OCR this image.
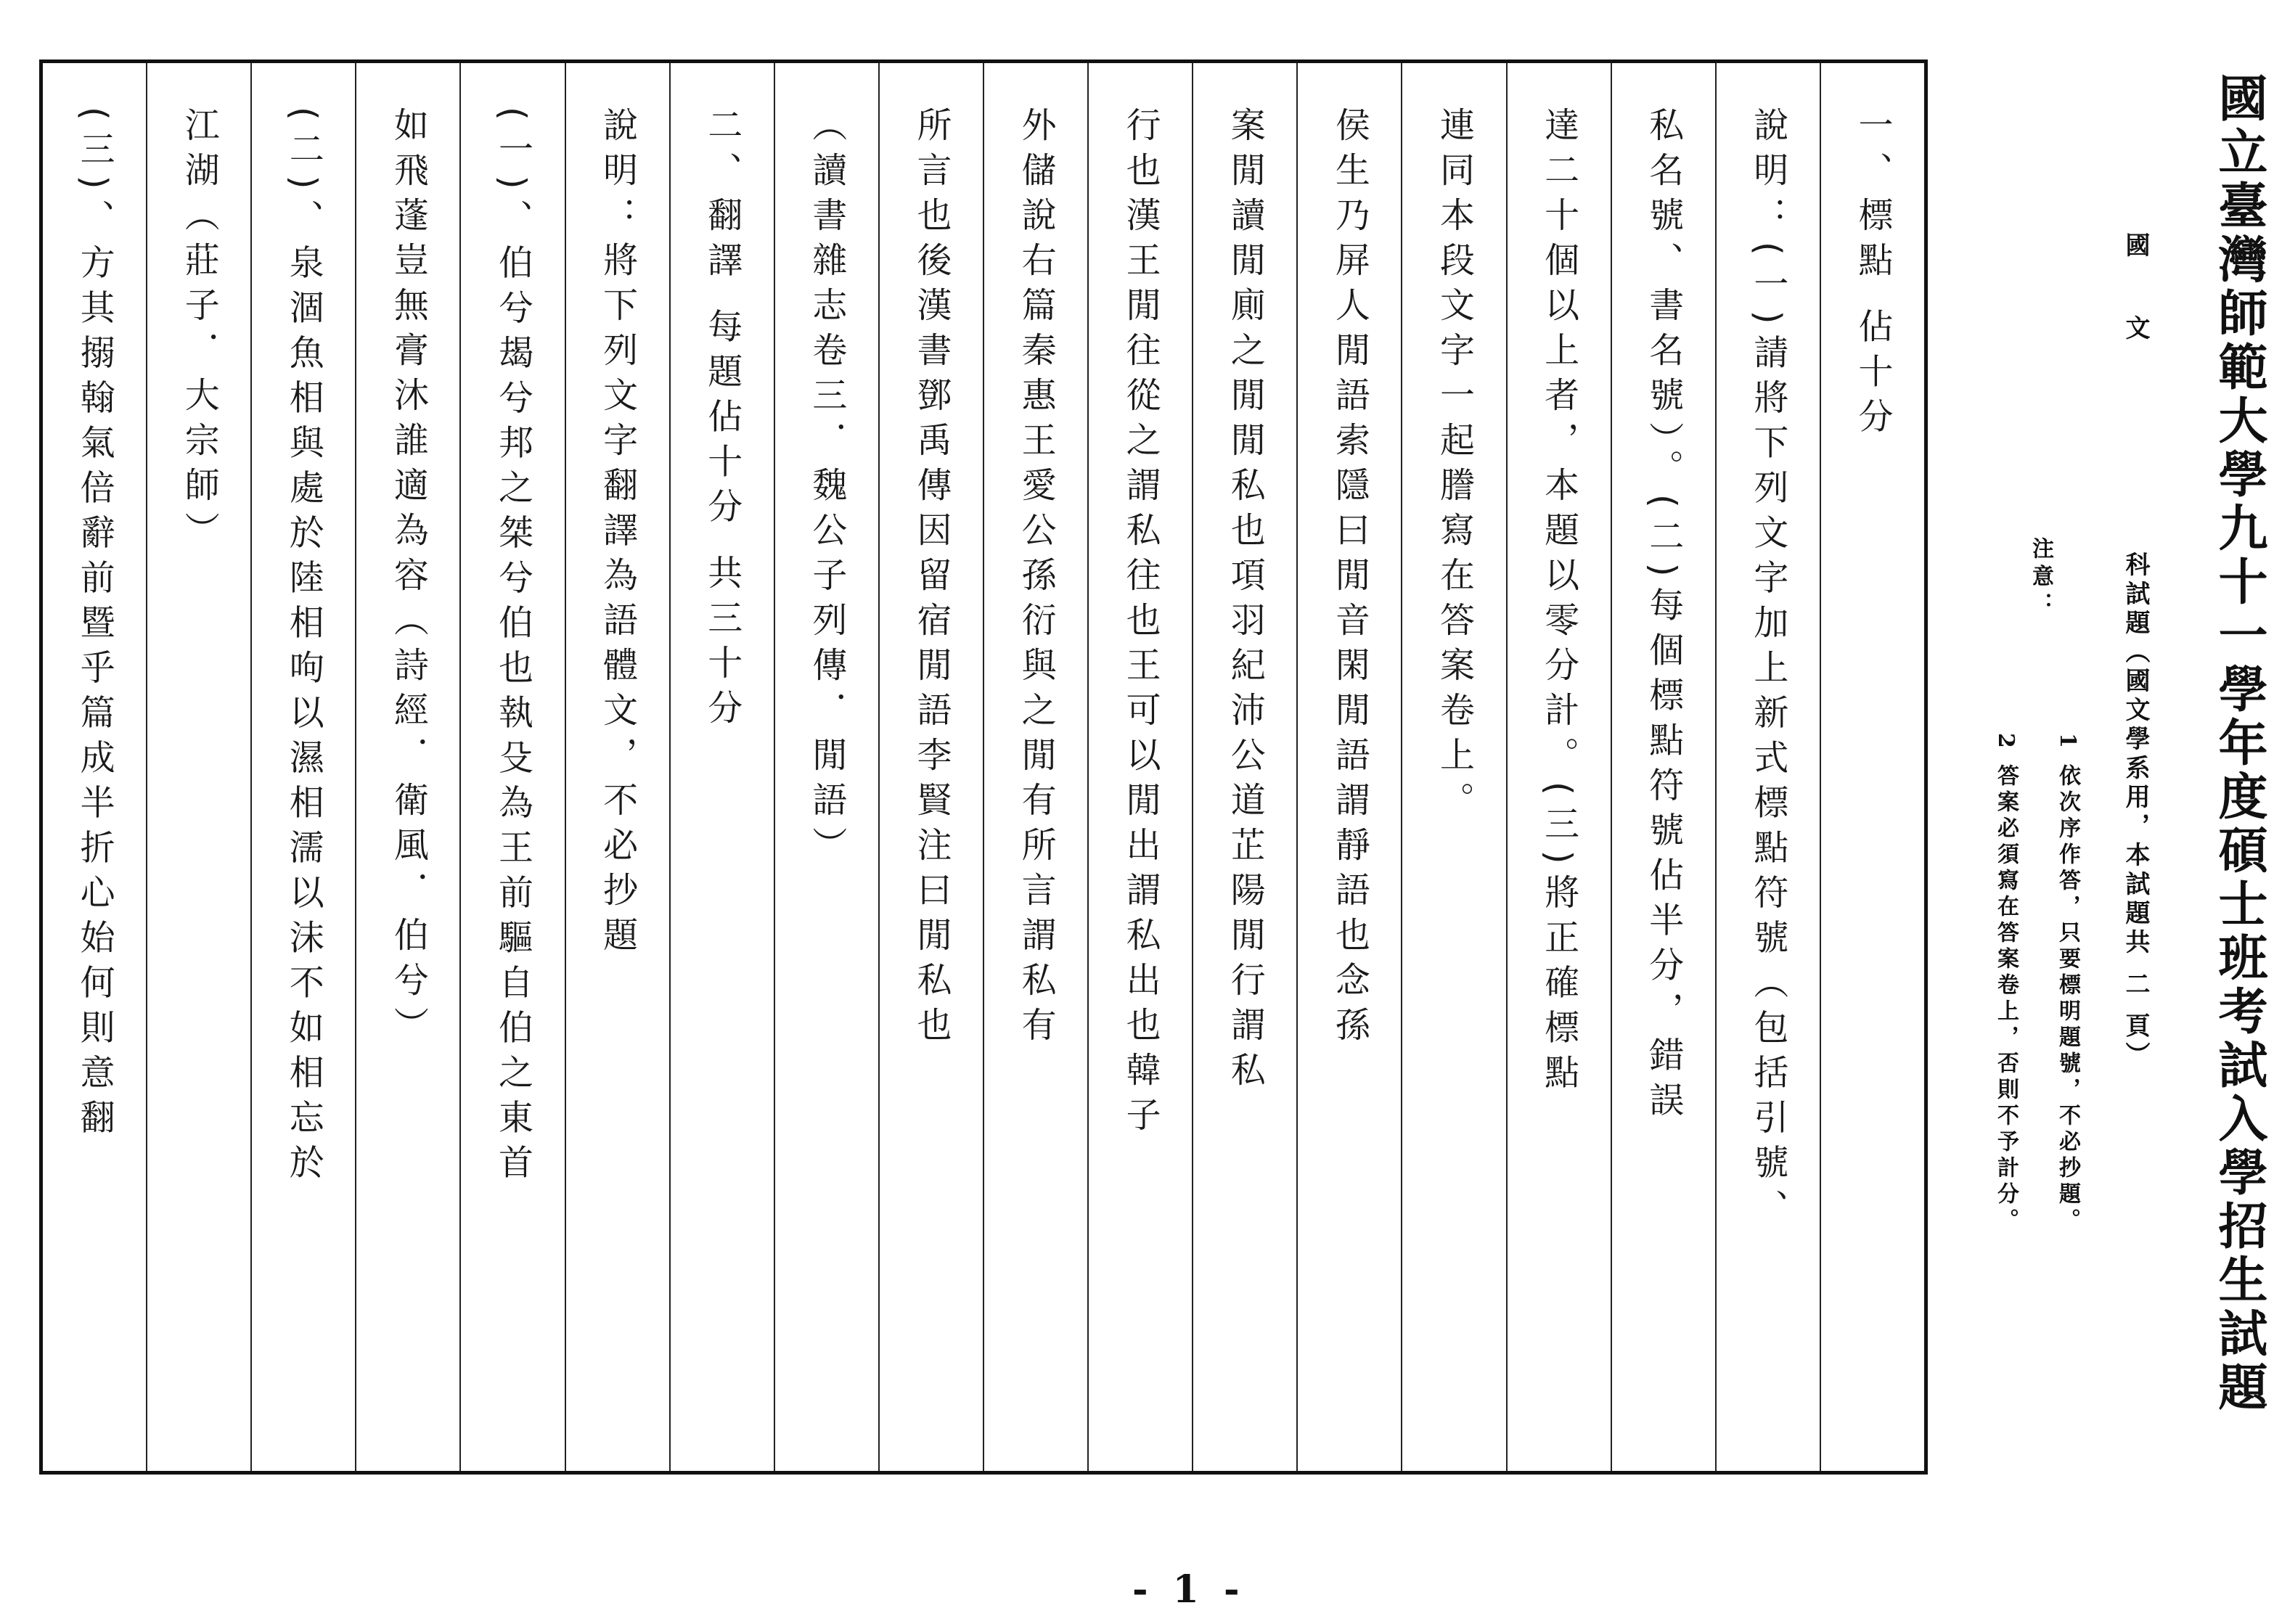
國立臺灣師範大學九十一學年度碩士班考試入學招生試題
國文
科試題（國文學系用，本試題共 二 頁）
注意：
1 依次序作答，只要標明題號，不必抄題。
2 答案必須寫在答案卷上，否則不予計分。
一、標點 佔十分
說明：(一)請將下列文字加上新式標點符號（包括引號、
私名號、書名號）。(二)每個標點符號佔半分，錯誤
達二十個以上者，本題以零分計。(三)將正確標點
連同本段文字一起謄寫在答案卷上。
侯生乃屏人閒語索隱曰閒音閑閒語謂靜語也念孫
案閒讀閒廁之閒閒私也項羽紀沛公道芷陽閒行謂私
行也漢王閒往從之謂私往也王可以閒出謂私出也韓子
外儲說右篇秦惠王愛公孫衍與之閒有所言謂私有
所言也後漢書鄧禹傳因留宿閒語李賢注曰閒私也
（讀書雜志卷三．魏公子列傳．閒語）
二、翻譯 每題佔十分 共三十分
說明：將下列文字翻譯為語體文，不必抄題
(一)、伯兮朅兮邦之桀兮伯也執殳為王前驅自伯之東首
如飛蓬豈無膏沐誰適為容（詩經．衛風．伯兮）
(二)、泉涸魚相與處於陸相呴以濕相濡以沫不如相忘於
江湖（莊子．大宗師）
(三)、方其搦翰氣倍辭前暨乎篇成半折心始何則意翻
- 1 -
